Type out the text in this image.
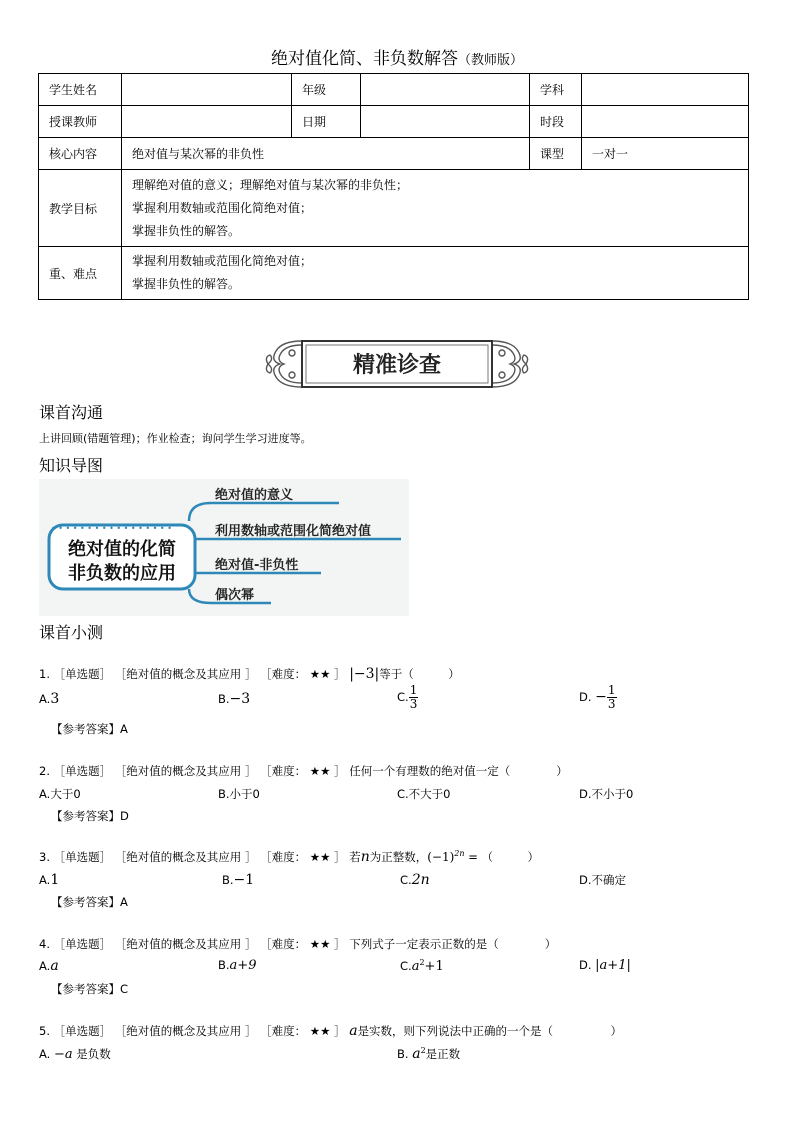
绝对值化简、非负数解答（教师版）
学生姓名		年级		学科	
授课教师		日期		时段	
核心内容	绝对值与某次幂的非负性			课型	一对一
教学目标	理解绝对值的意义；理解绝对值与某次幂的非负性；
掌握利用数轴或范围化简绝对值；
掌握非负性的解答。				

重、难点	掌握利用数轴或范围化简绝对值；
掌握非负性的解答。				
精准诊查
课首沟通
上讲回顾(错题管理)；作业检查；询问学生学习进度等。
知识导图
• • • • • • • • • • • • • • • • •
绝对值的化简
非负数的应用
绝对值的意义
利用数轴或范围化简绝对值
绝对值-非负性
偶次幂
课首小测
1. ［单选题］ ［绝对值的概念及其应用 ］ ［难度： ★★ ］ |−3|等于（　　　）
A.3	B.−3	C. $\frac{1}{3}$	D. − $\frac{1}{3}$
【参考答案】A
2. ［单选题］ ［绝对值的概念及其应用 ］ ［难度： ★★ ］ 任何一个有理数的绝对值一定（　　　　）
A.大于0	B.小于0	C.不大于0	D.不小于0
【参考答案】D
3. ［单选题］ ［绝对值的概念及其应用 ］ ［难度： ★★ ］ 若n为正整数，$(-1)^{2n}$ = （　　　）
A.1	B.−1	C.2n	D.不确定
【参考答案】A
4. ［单选题］ ［绝对值的概念及其应用 ］ ［难度： ★★ ］ 下列式子一定表示正数的是（　　　　）
A.a	B.a+9	$C.a^2+1$	D. |a+1|
【参考答案】C
5. ［单选题］ ［绝对值的概念及其应用 ］ ［难度： ★★ ］ a是实数，则下列说法中正确的一个是（　　　　　）
A. −a 是负数	B. $a^2$是正数
